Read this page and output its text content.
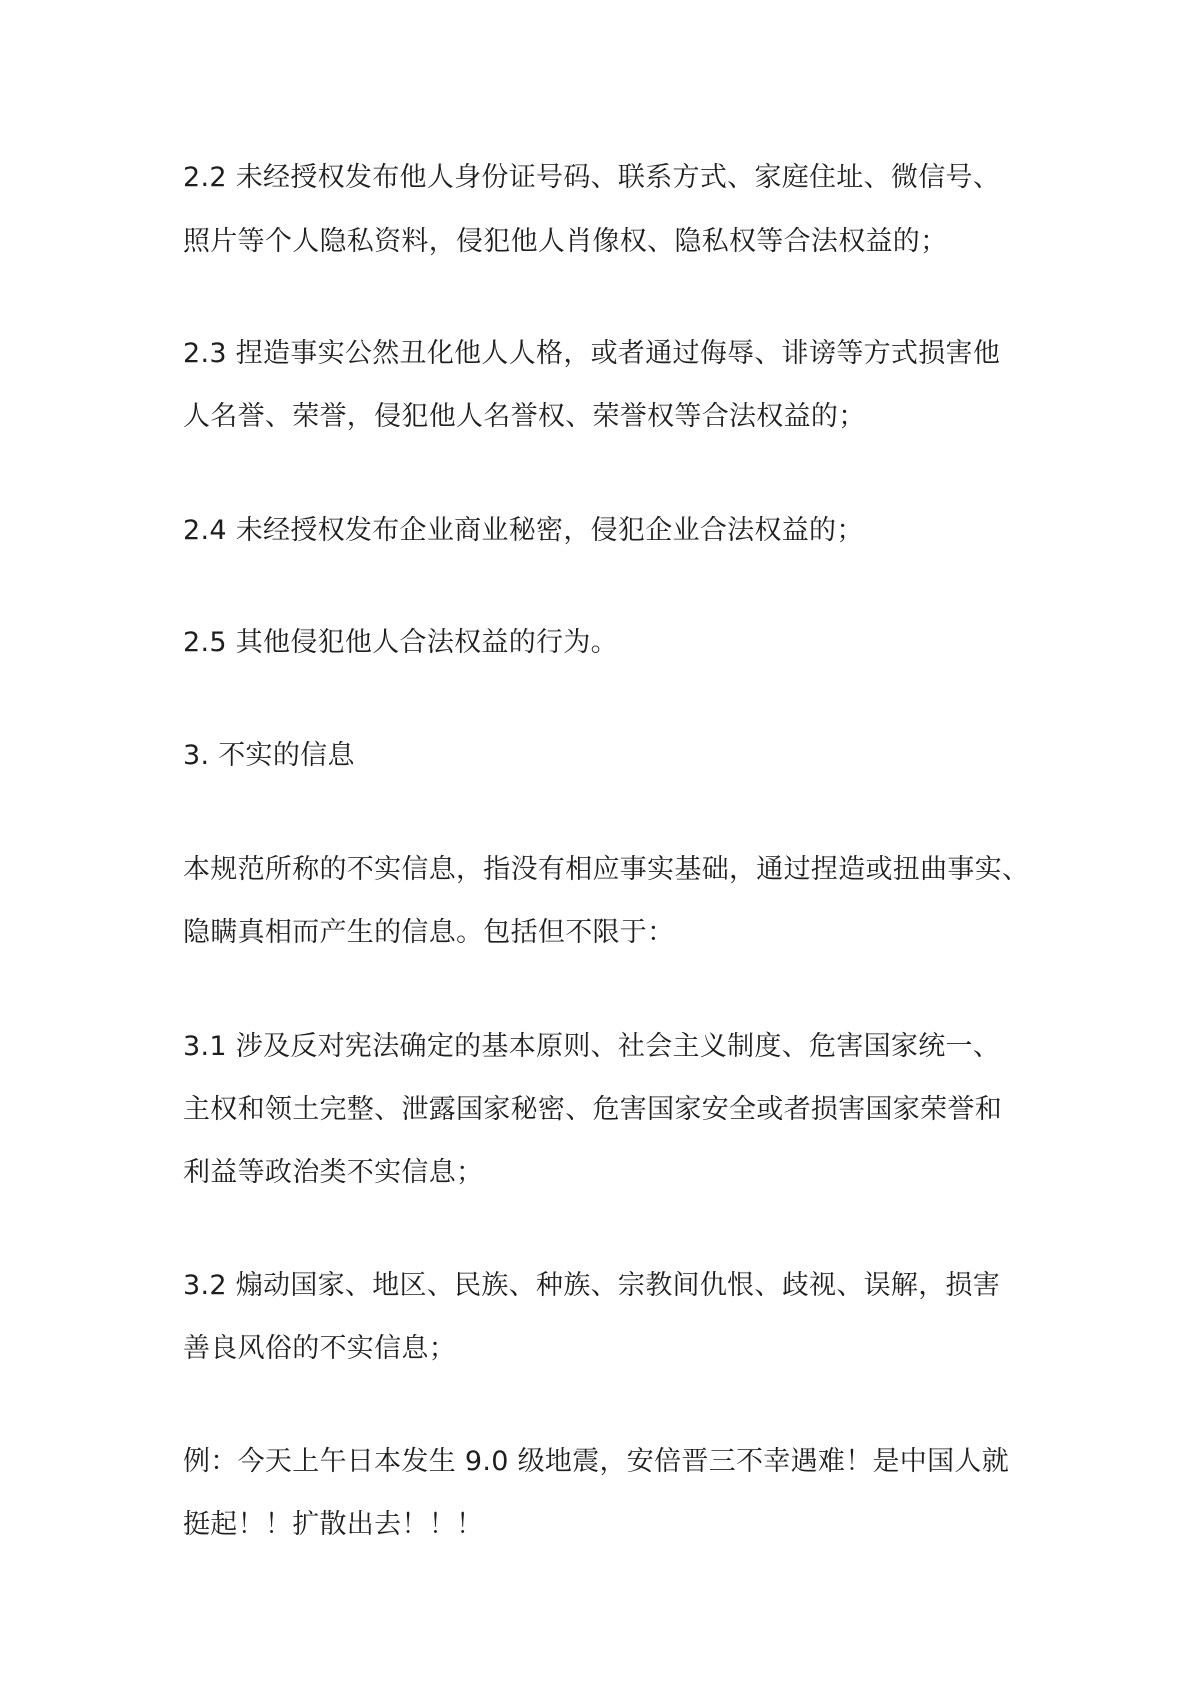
2.2 未经授权发布他人身份证号码、联系方式、家庭住址、微信号、
照片等个人隐私资料，侵犯他人肖像权、隐私权等合法权益的；
2.3 捏造事实公然丑化他人人格，或者通过侮辱、诽谤等方式损害他
人名誉、荣誉，侵犯他人名誉权、荣誉权等合法权益的；
2.4 未经授权发布企业商业秘密，侵犯企业合法权益的；
2.5 其他侵犯他人合法权益的行为。
3. 不实的信息
本规范所称的不实信息，指没有相应事实基础，通过捏造或扭曲事实、
隐瞒真相而产生的信息。包括但不限于：
3.1 涉及反对宪法确定的基本原则、社会主义制度、危害国家统一、
主权和领土完整、泄露国家秘密、危害国家安全或者损害国家荣誉和
利益等政治类不实信息；
3.2 煽动国家、地区、民族、种族、宗教间仇恨、歧视、误解，损害
善良风俗的不实信息；
例：今天上午日本发生 9.0 级地震，安倍晋三不幸遇难！是中国人就
挺起！！扩散出去！！！
